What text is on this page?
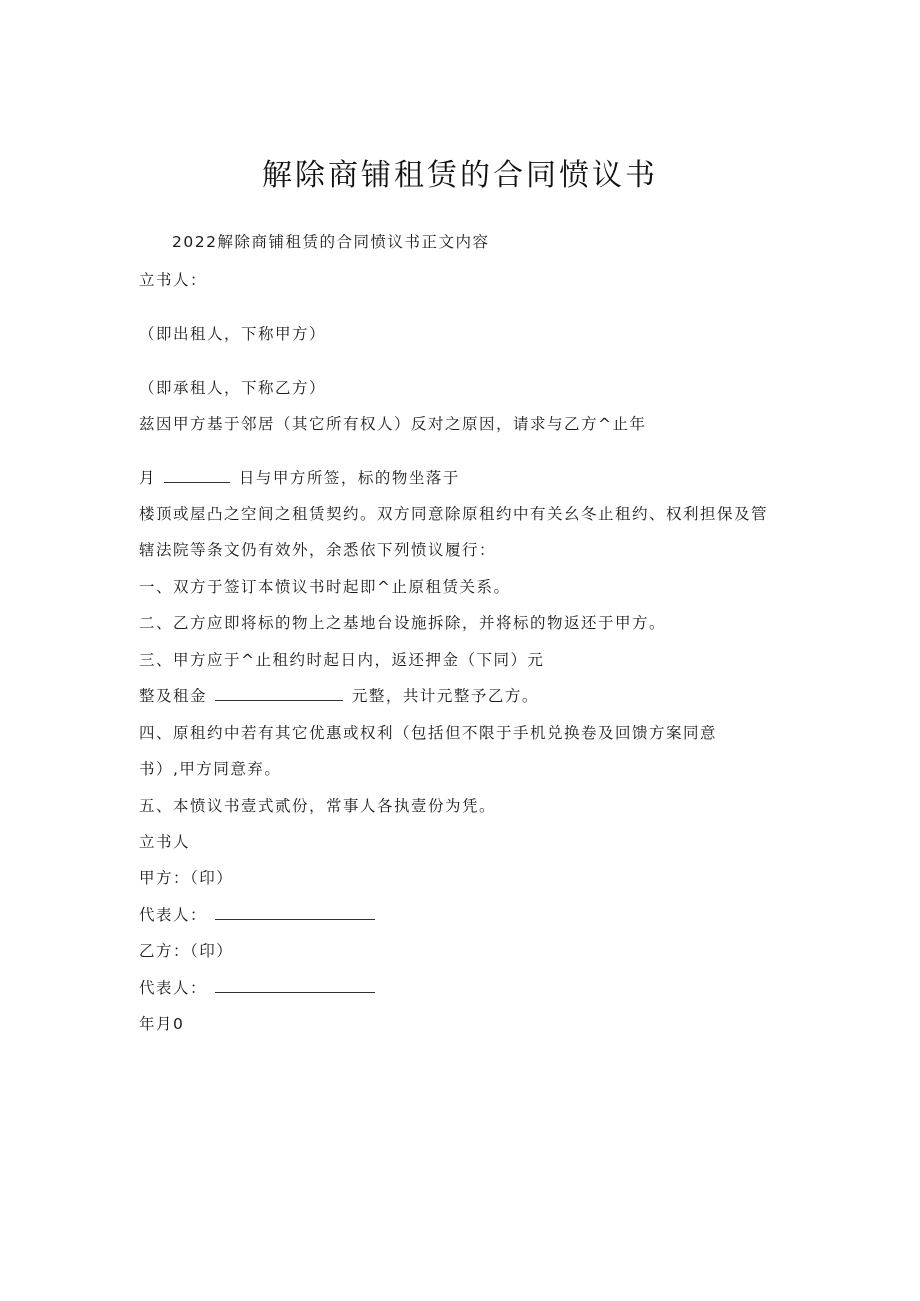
解除商铺租赁的合同愤议书
2022解除商铺租赁的合同愤议书正文内容
立书人：
（即出租人，下称甲方）
（即承租人，下称乙方）
兹因甲方基于邻居（其它所有权人）反对之原因，请求与乙方^止年
月	日与甲方所签，标的物坐落于
楼顶或屋凸之空间之租赁契约。双方同意除原租约中有关幺冬止租约、权利担保及管
辖法院等条文仍有效外，余悉依下列愤议履行：
一、双方于签订本愤议书时起即^止原租赁关系。
二、乙方应即将标的物上之基地台设施拆除，并将标的物返还于甲方。
三、甲方应于^止租约时起日内，返还押金（下同）元
整及租金	元整，共计元整予乙方。
四、原租约中若有其它优惠或权利（包括但不限于手机兑换卷及回馈方案同意
书）,甲方同意弃。
五、本愤议书壹式贰份，常事人各执壹份为凭。
立书人
甲方：（印）
代表人：
乙方：（印）
代表人：
年月0
